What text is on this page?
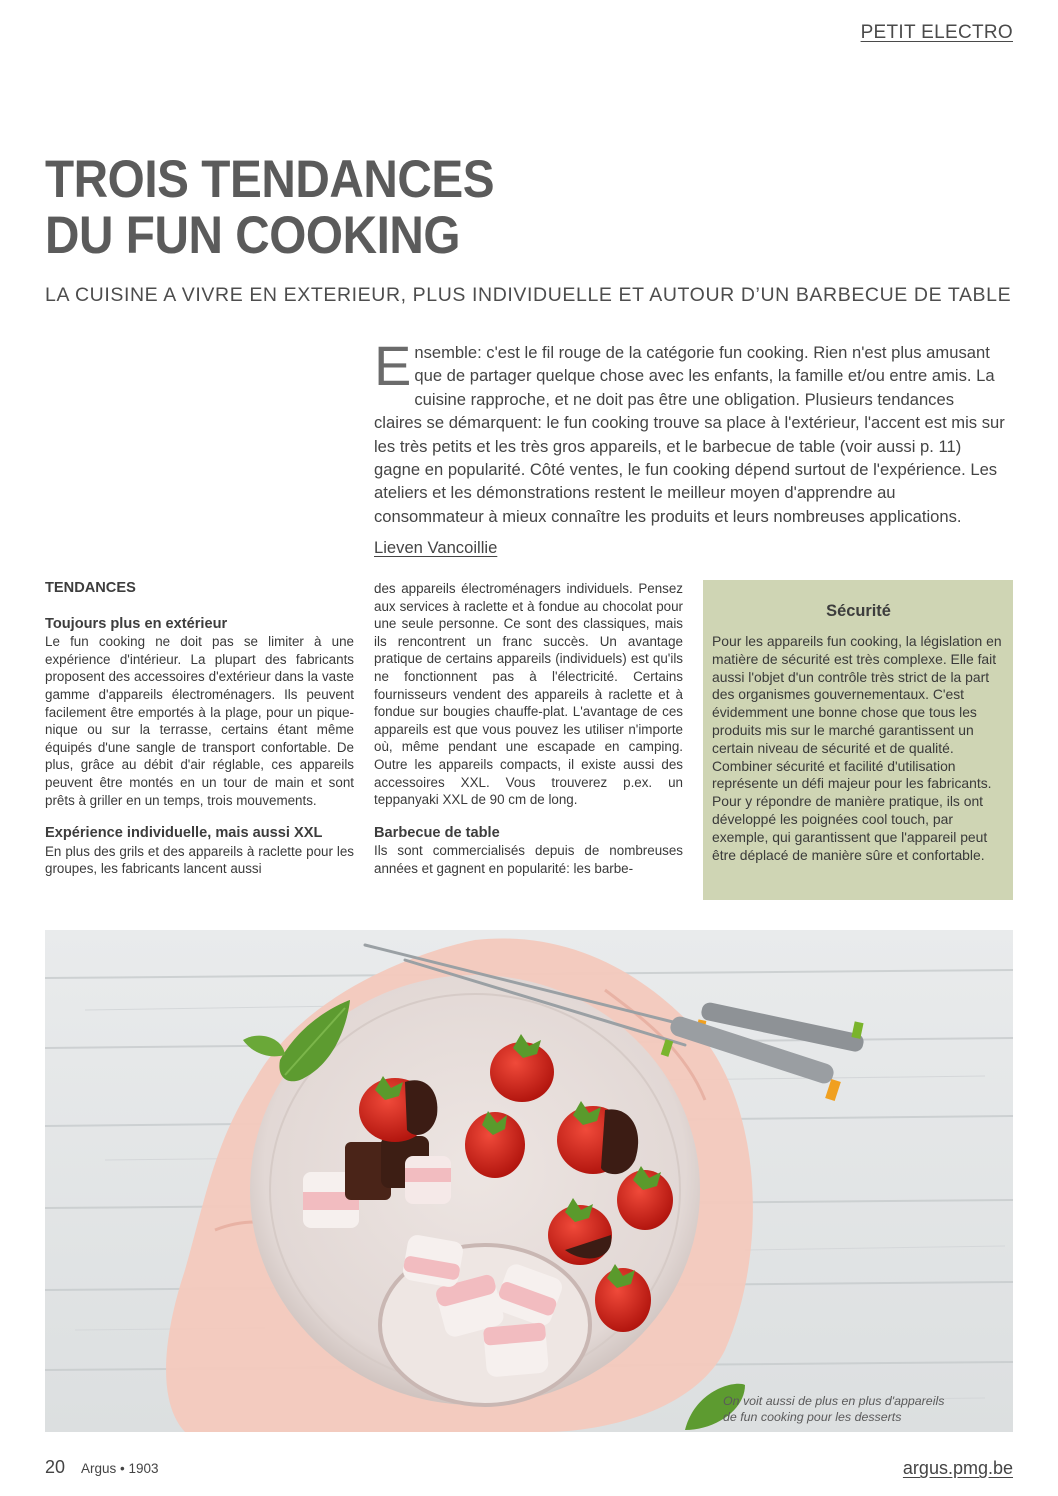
PETIT ELECTRO
TROIS TENDANCES
DU FUN COOKING
LA CUISINE A VIVRE EN EXTERIEUR, PLUS INDIVIDUELLE ET AUTOUR D’UN BARBECUE DE TABLE
E nsemble: c'est le fil rouge de la catégorie fun cooking. Rien n'est plus amusant que de partager quelque chose avec les enfants, la famille et/ou entre amis. La cuisine rapproche, et ne doit pas être une obligation. Plusieurs tendances claires se démarquent: le fun cooking trouve sa place à l'extérieur, l'accent est mis sur les très petits et les très gros appareils, et le barbecue de table (voir aussi p. 11) gagne en popularité. Côté ventes, le fun cooking dépend surtout de l'expérience. Les ateliers et les démonstrations restent le meilleur moyen d'apprendre au consommateur à mieux connaître les produits et leurs nombreuses applications.

Lieven Vancoillie
TENDANCES
Toujours plus en extérieur

Le fun cooking ne doit pas se limiter à une expérience d'intérieur. La plupart des fabricants proposent des accessoires d'extérieur dans la vaste gamme d'appareils électroménagers. Ils peuvent facilement être emportés à la plage, pour un pique-nique ou sur la terrasse, certains étant même équipés d'une sangle de transport confortable. De plus, grâce au débit d'air réglable, ces appareils peuvent être montés en un tour de main et sont prêts à griller en un temps, trois mouvements.

Expérience individuelle, mais aussi XXL

En plus des grils et des appareils à raclette pour les groupes, les fabricants lancent aussi

des appareils électroménagers individuels. Pensez aux services à raclette et à fondue au chocolat pour une seule personne. Ce sont des classiques, mais ils rencontrent un franc succès. Un avantage pratique de certains appareils (individuels) est qu'ils ne fonctionnent pas à l'électricité. Certains fournisseurs vendent des appareils à raclette et à fondue sur bougies chauffe-plat. L'avantage de ces appareils est que vous pouvez les utiliser n'importe où, même pendant une escapade en camping. Outre les appareils compacts, il existe aussi des accessoires XXL. Vous trouverez p.ex. un teppanyaki XXL de 90 cm de long.

Barbecue de table

Ils sont commercialisés depuis de nombreuses années et gagnent en popularité: les barbe-

Sécurité

Pour les appareils fun cooking, la législation en matière de sécurité est très complexe. Elle fait aussi l'objet d'un contrôle très strict de la part des organismes gouvernementaux. C'est évidemment une bonne chose que tous les produits mis sur le marché garantissent un certain niveau de sécurité et de qualité. Combiner sécurité et facilité d'utilisation représente un défi majeur pour les fabricants. Pour y répondre de manière pratique, ils ont développé les poignées cool touch, par exemple, qui garantissent que l'appareil peut être déplacé de manière sûre et confortable.

On voit aussi de plus en plus d'appareils
de fun cooking pour les desserts
20 Argus • 1903	argus.pmg.be
